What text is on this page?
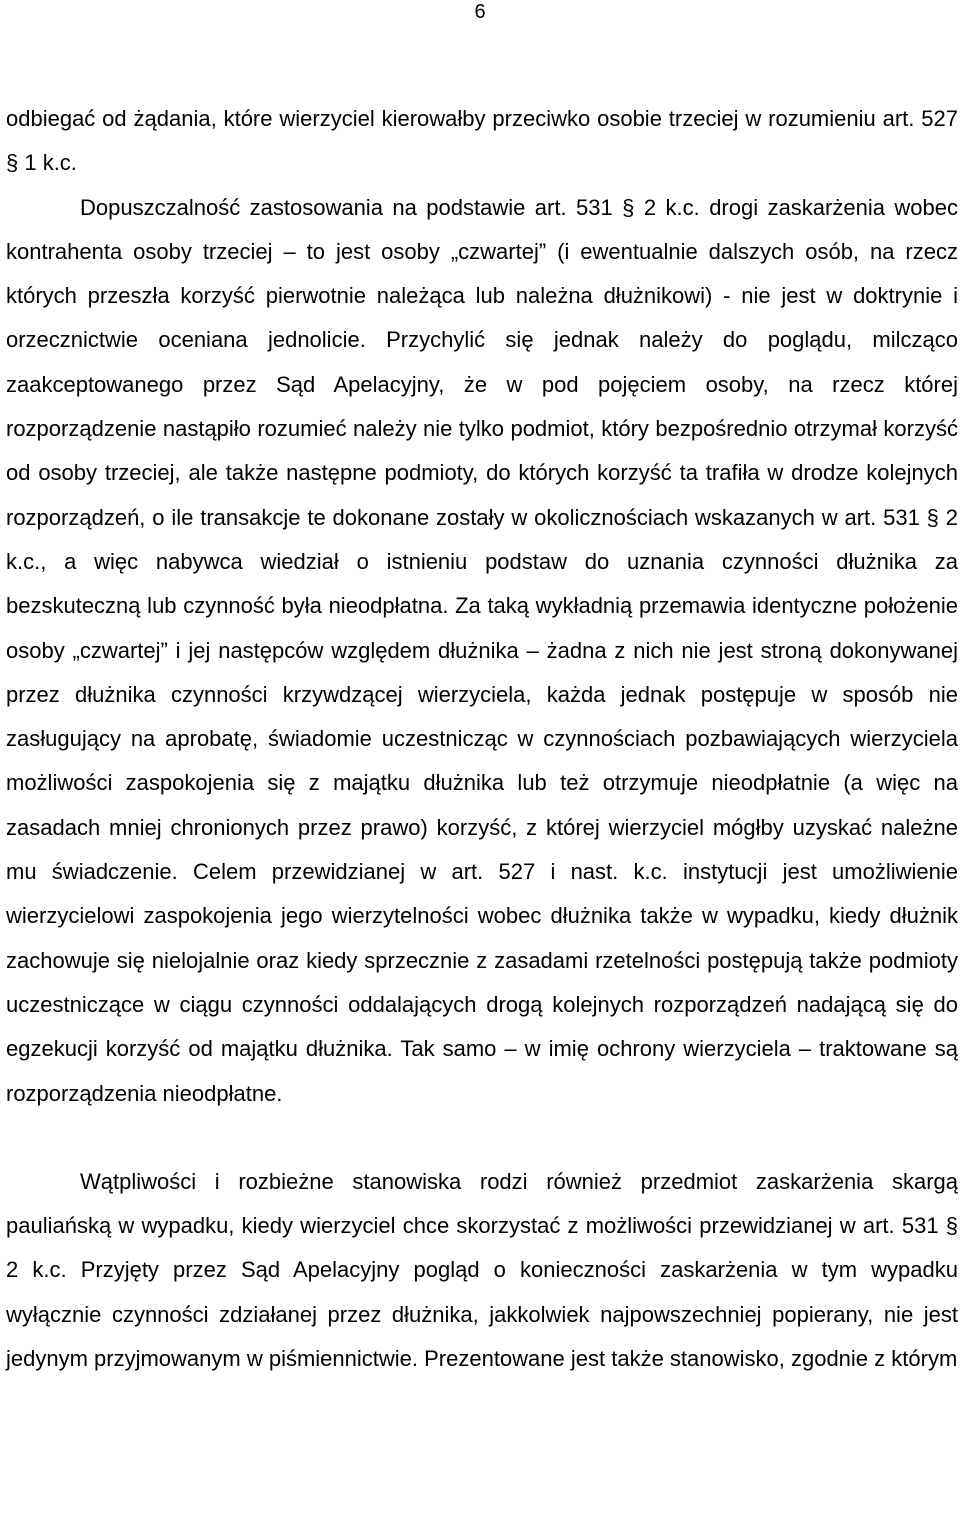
6

odbiegać od żądania, które wierzyciel kierowałby przeciwko osobie trzeciej w rozumieniu art. 527 § 1 k.c.

Dopuszczalność zastosowania na podstawie art. 531 § 2 k.c. drogi zaskarżenia wobec kontrahenta osoby trzeciej – to jest osoby „czwartej” (i ewentualnie dalszych osób, na rzecz których przeszła korzyść pierwotnie należąca lub należna dłużnikowi) - nie jest w doktrynie i orzecznictwie oceniana jednolicie. Przychylić się jednak należy do poglądu, milcząco zaakceptowanego przez Sąd Apelacyjny, że w pod pojęciem osoby, na rzecz której rozporządzenie nastąpiło rozumieć należy nie tylko podmiot, który bezpośrednio otrzymał korzyść od osoby trzeciej, ale także następne podmioty, do których korzyść ta trafiła w drodze kolejnych rozporządzeń, o ile transakcje te dokonane zostały w okolicznościach wskazanych w art. 531 § 2 k.c., a więc nabywca wiedział o istnieniu podstaw do uznania czynności dłużnika za bezskuteczną lub czynność była nieodpłatna. Za taką wykładnią przemawia identyczne położenie osoby „czwartej” i jej następców względem dłużnika – żadna z nich nie jest stroną dokonywanej przez dłużnika czynności krzywdzącej wierzyciela, każda jednak postępuje w sposób nie zasługujący na aprobatę, świadomie uczestnicząc w czynnościach pozbawiających wierzyciela możliwości zaspokojenia się z majątku dłużnika lub też otrzymuje nieodpłatnie (a więc na zasadach mniej chronionych przez prawo) korzyść, z której wierzyciel mógłby uzyskać należne mu świadczenie. Celem przewidzianej w art. 527 i nast. k.c. instytucji jest umożliwienie wierzycielowi zaspokojenia jego wierzytelności wobec dłużnika także w wypadku, kiedy dłużnik zachowuje się nielojalnie oraz kiedy sprzecznie z zasadami rzetelności postępują także podmioty uczestniczące w ciągu czynności oddalających drogą kolejnych rozporządzeń nadającą się do egzekucji korzyść od majątku dłużnika. Tak samo – w imię ochrony wierzyciela – traktowane są rozporządzenia nieodpłatne.

Wątpliwości i rozbieżne stanowiska rodzi również przedmiot zaskarżenia skargą pauliańską w wypadku, kiedy wierzyciel chce skorzystać z możliwości przewidzianej w art. 531 § 2 k.c. Przyjęty przez Sąd Apelacyjny pogląd o konieczności zaskarżenia w tym wypadku wyłącznie czynności zdziałanej przez dłużnika, jakkolwiek najpowszechniej popierany, nie jest jedynym przyjmowanym w piśmiennictwie. Prezentowane jest także stanowisko, zgodnie z którym
